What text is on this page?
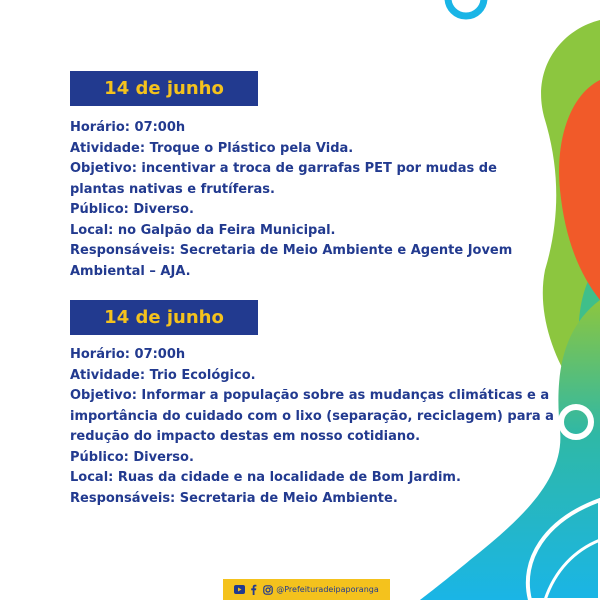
14 de junho

Horário: 07:00h

Atividade: Troque o Plástico pela Vida.

Objetivo: incentivar a troca de garrafas PET por mudas de

plantas nativas e frutíferas.

Público: Diverso.

Local: no Galpão da Feira Municipal.

Responsáveis: Secretaria de Meio Ambiente e Agente Jovem

Ambiental – AJA.

14 de junho

Horário: 07:00h

Atividade: Trio Ecológico.

Objetivo: Informar a população sobre as mudanças climáticas e a

importância do cuidado com o lixo (separação, reciclagem) para a

redução do impacto destas em nosso cotidiano.

Público: Diverso.

Local: Ruas da cidade e na localidade de Bom Jardim.

Responsáveis: Secretaria de Meio Ambiente.

@Prefeituradeipaporanga
